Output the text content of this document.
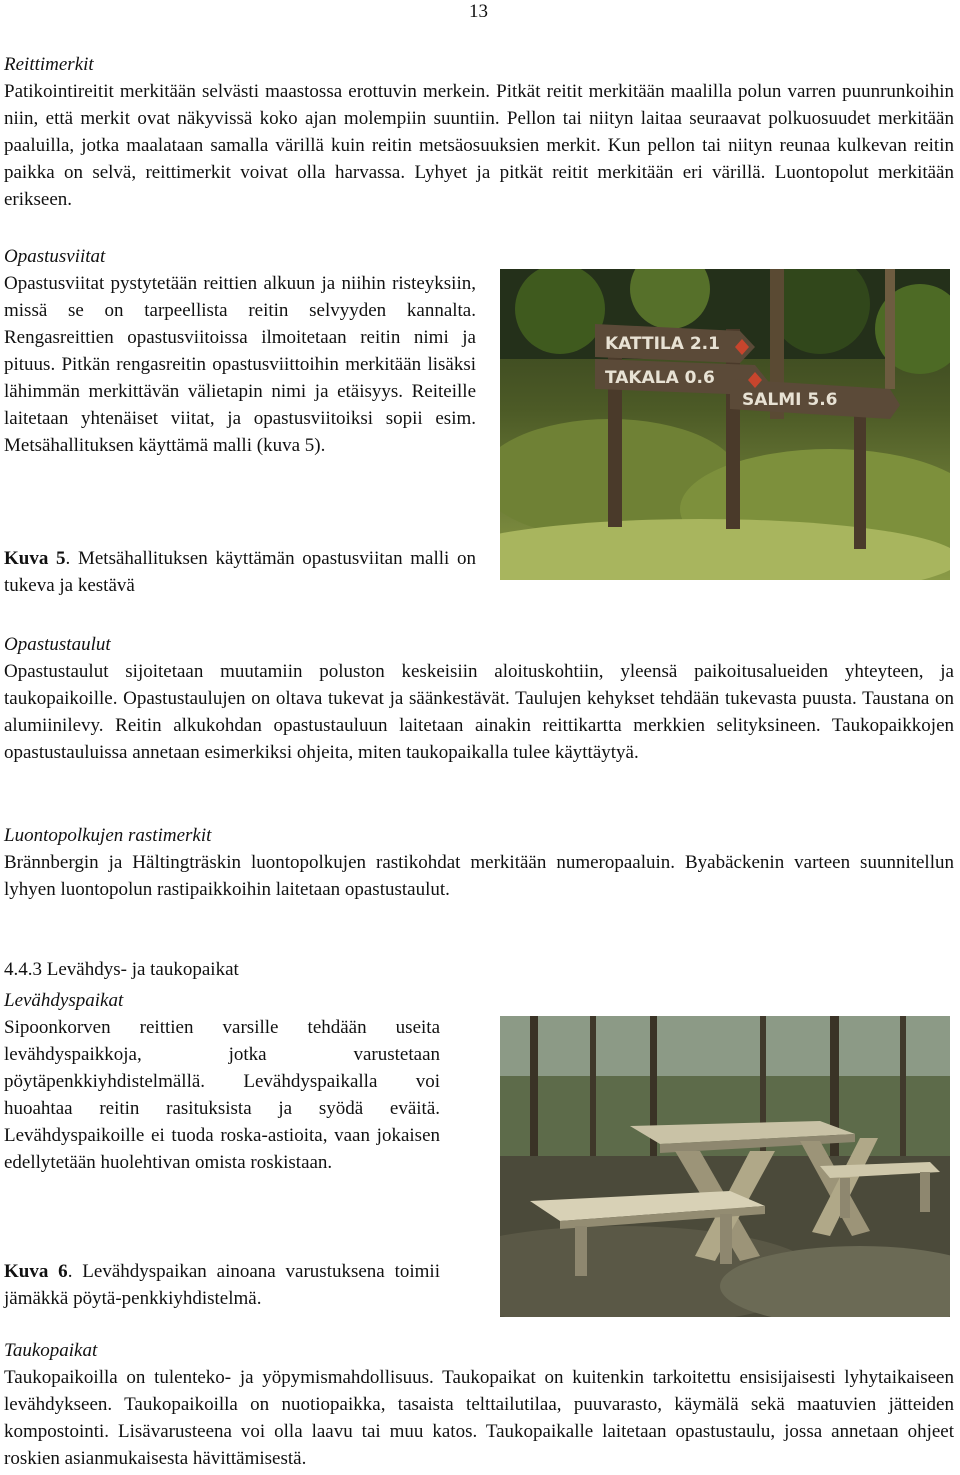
13
Reittimerkit

Patikointireitit merkitään selvästi maastossa erottuvin merkein. Pitkät reitit merkitään maalilla polun varren puunrunkoihin niin, että merkit ovat näkyvissä koko ajan molempiin suuntiin. Pellon tai niityn laitaa seuraavat polkuosuudet merkitään paaluilla, jotka maalataan samalla värillä kuin reitin metsäosuuksien merkit. Kun pellon tai niityn reunaa kulkevan reitin paikka on selvä, reittimerkit voivat olla harvassa. Lyhyet ja pitkät reitit merkitään eri värillä. Luontopolut merkitään erikseen.

Opastusviitat

Opastusviitat pystytetään reittien alkuun ja niihin risteyksiin, missä se on tarpeellista reitin selvyyden kannalta. Rengasreittien opastusviitoissa ilmoitetaan reitin nimi ja pituus. Pitkän rengasreitin opastusviittoihin merkitään lisäksi lähimmän merkittävän välietapin nimi ja etäisyys. Reiteille laitetaan yhtenäiset viitat, ja opastusviitoiksi sopii esim. Metsähallituksen käyttämä malli (kuva 5).

KATTILA 2.1
TAKALA 0.6
SALMI 5.6

Kuva 5. Metsähallituksen käyttämän opastusviitan malli on tukeva ja kestävä

Opastustaulut

Opastustaulut sijoitetaan muutamiin poluston keskeisiin aloituskohtiin, yleensä paikoitusalueiden yhteyteen, ja taukopaikoille. Opastustaulujen on oltava tukevat ja säänkestävät. Taulujen kehykset tehdään tukevasta puusta. Taustana on alumiinilevy. Reitin alkukohdan opastustauluun laitetaan ainakin reittikartta merkkien selityksineen. Taukopaikkojen opastustauluissa annetaan esimerkiksi ohjeita, miten taukopaikalla tulee käyttäytyä.

Luontopolkujen rastimerkit

Brännbergin ja Hältingträskin luontopolkujen rastikohdat merkitään numeropaaluin. Byabäckenin varteen suunnitellun lyhyen luontopolun rastipaikkoihin laitetaan opastustaulut.

4.4.3 Levähdys- ja taukopaikat
Levähdyspaikat

Sipoonkorven reittien varsille tehdään useita levähdyspaikkoja, jotka varustetaan pöytäpenkkiyhdistelmällä. Levähdyspaikalla voi huoahtaa reitin rasituksista ja syödä eväitä. Levähdyspaikoille ei tuoda roska-astioita, vaan jokaisen edellytetään huolehtivan omista roskistaan.

Kuva 6. Levähdyspaikan ainoana varustuksena toimii jämäkkä pöytä-penkkiyhdistelmä.

Taukopaikat

Taukopaikoilla on tulenteko- ja yöpymismahdollisuus. Taukopaikat on kuitenkin tarkoitettu ensisijaisesti lyhytaikaiseen levähdykseen. Taukopaikoilla on nuotiopaikka, tasaista telttailutilaa, puuvarasto, käymälä sekä maatuvien jätteiden kompostointi. Lisävarusteena voi olla laavu tai muu katos. Taukopaikalle laitetaan opastustaulu, jossa annetaan ohjeet roskien asianmukaisesta hävittämisestä.
